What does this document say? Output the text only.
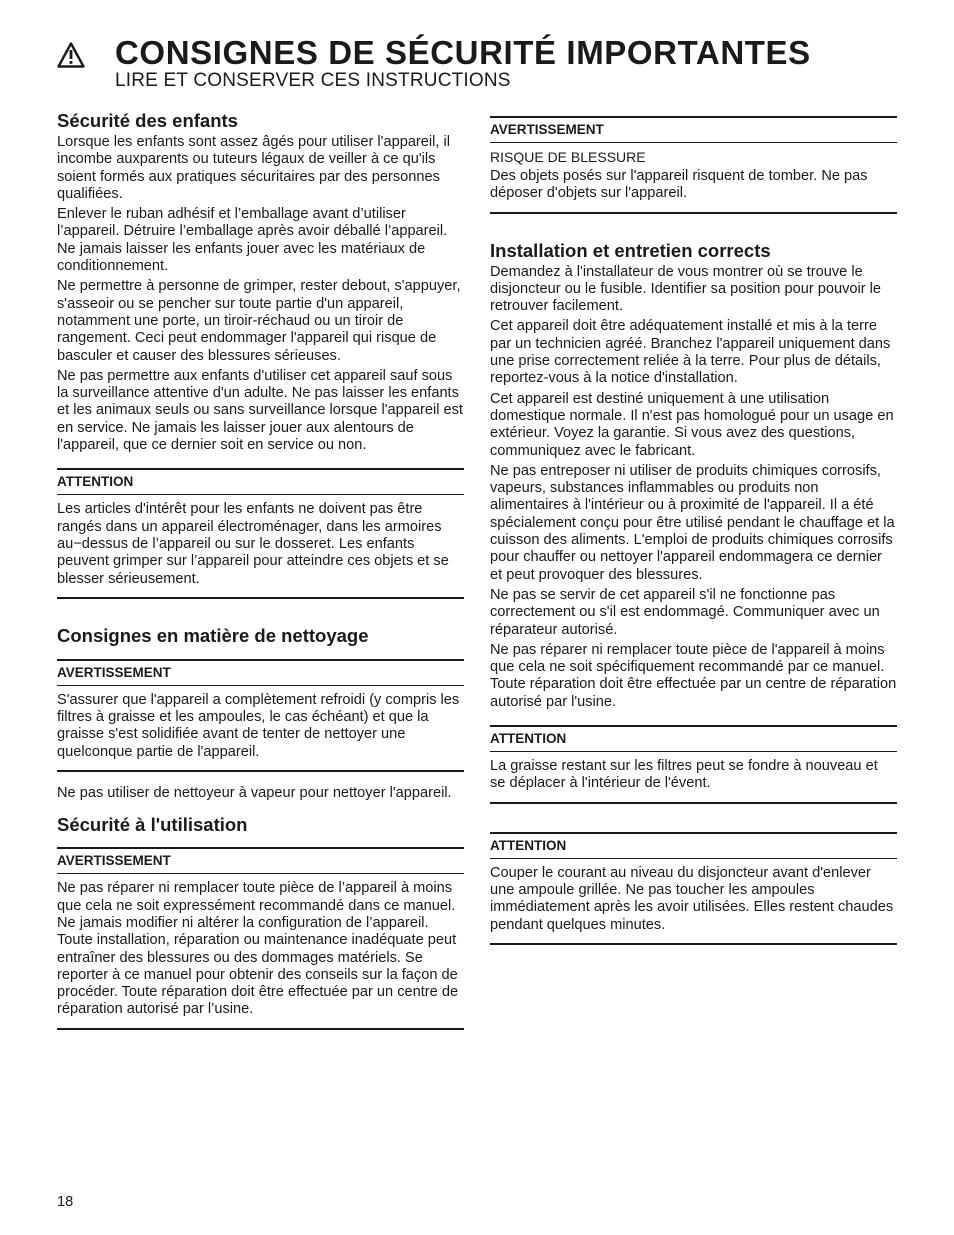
CONSIGNES DE SÉCURITÉ IMPORTANTES
LIRE ET CONSERVER CES INSTRUCTIONS
Sécurité des enfants

Lorsque les enfants sont assez âgés pour utiliser l'appareil, il incombe auxparents ou tuteurs légaux de veiller à ce qu'ils soient formés aux pratiques sécuritaires par des personnes qualifiées.

Enlever le ruban adhésif et l’emballage avant d’utiliser l’appareil. Détruire l’emballage après avoir déballé l’appareil. Ne jamais laisser les enfants jouer avec les matériaux de conditionnement.

Ne permettre à personne de grimper, rester debout, s'appuyer, s'asseoir ou se pencher sur toute partie d'un appareil, notamment une porte, un tiroir‑réchaud ou un tiroir de rangement. Ceci peut endommager l'appareil qui risque de basculer et causer des blessures sérieuses.

Ne pas permettre aux enfants d'utiliser cet appareil sauf sous la surveillance attentive d'un adulte. Ne pas laisser les enfants et les animaux seuls ou sans surveillance lorsque l'appareil est en service. Ne jamais les laisser jouer aux alentours de l'appareil, que ce dernier soit en service ou non.

ATTENTION

Les articles d'intérêt pour les enfants ne doivent pas être rangés dans un appareil électroménager, dans les armoires au−dessus de l’appareil ou sur le dosseret. Les enfants peuvent grimper sur l’appareil pour atteindre ces objets et se blesser sérieusement.

Consignes en matière de nettoyage
AVERTISSEMENT

S'assurer que l'appareil a complètement refroidi (y compris les filtres à graisse et les ampoules, le cas échéant) et que la graisse s'est solidifiée avant de tenter de nettoyer une quelconque partie de l'appareil.

Ne pas utiliser de nettoyeur à vapeur pour nettoyer l'appareil.

Sécurité à l'utilisation
AVERTISSEMENT

Ne pas réparer ni remplacer toute pièce de l’appareil à moins que cela ne soit expressément recommandé dans ce manuel. Ne jamais modifier ni altérer la configuration de l’appareil. Toute installation, réparation ou maintenance inadéquate peut entraîner des blessures ou des dommages matériels. Se reporter à ce manuel pour obtenir des conseils sur la façon de procéder. Toute réparation doit être effectuée par un centre de réparation autorisé par l’usine.

AVERTISSEMENT
RISQUE DE BLESSURE

Des objets posés sur l'appareil risquent de tomber. Ne pas déposer d'objets sur l'appareil.

Installation et entretien corrects

Demandez à l'installateur de vous montrer où se trouve le disjoncteur ou le fusible. Identifier sa position pour pouvoir le retrouver facilement.

Cet appareil doit être adéquatement installé et mis à la terre par un technicien agréé. Branchez l'appareil uniquement dans une prise correctement reliée à la terre. Pour plus de détails, reportez‑vous à la notice d'installation.

Cet appareil est destiné uniquement à une utilisation domestique normale. Il n'est pas homologué pour un usage en extérieur. Voyez la garantie. Si vous avez des questions, communiquez avec le fabricant.

Ne pas entreposer ni utiliser de produits chimiques corrosifs, vapeurs, substances inflammables ou produits non alimentaires à l'intérieur ou à proximité de l'appareil. Il a été spécialement conçu pour être utilisé pendant le chauffage et la cuisson des aliments. L'emploi de produits chimiques corrosifs pour chauffer ou nettoyer l'appareil endommagera ce dernier et peut provoquer des blessures.

Ne pas se servir de cet appareil s'il ne fonctionne pas correctement ou s'il est endommagé. Communiquer avec un réparateur autorisé.

Ne pas réparer ni remplacer toute pièce de l'appareil à moins que cela ne soit spécifiquement recommandé par ce manuel. Toute réparation doit être effectuée par un centre de réparation autorisé par l'usine.

ATTENTION

La graisse restant sur les filtres peut se fondre à nouveau et se déplacer à l'intérieur de l'évent.

ATTENTION

Couper le courant au niveau du disjoncteur avant d'enlever une ampoule grillée. Ne pas toucher les ampoules immédiatement après les avoir utilisées. Elles restent chaudes pendant quelques minutes.

18
